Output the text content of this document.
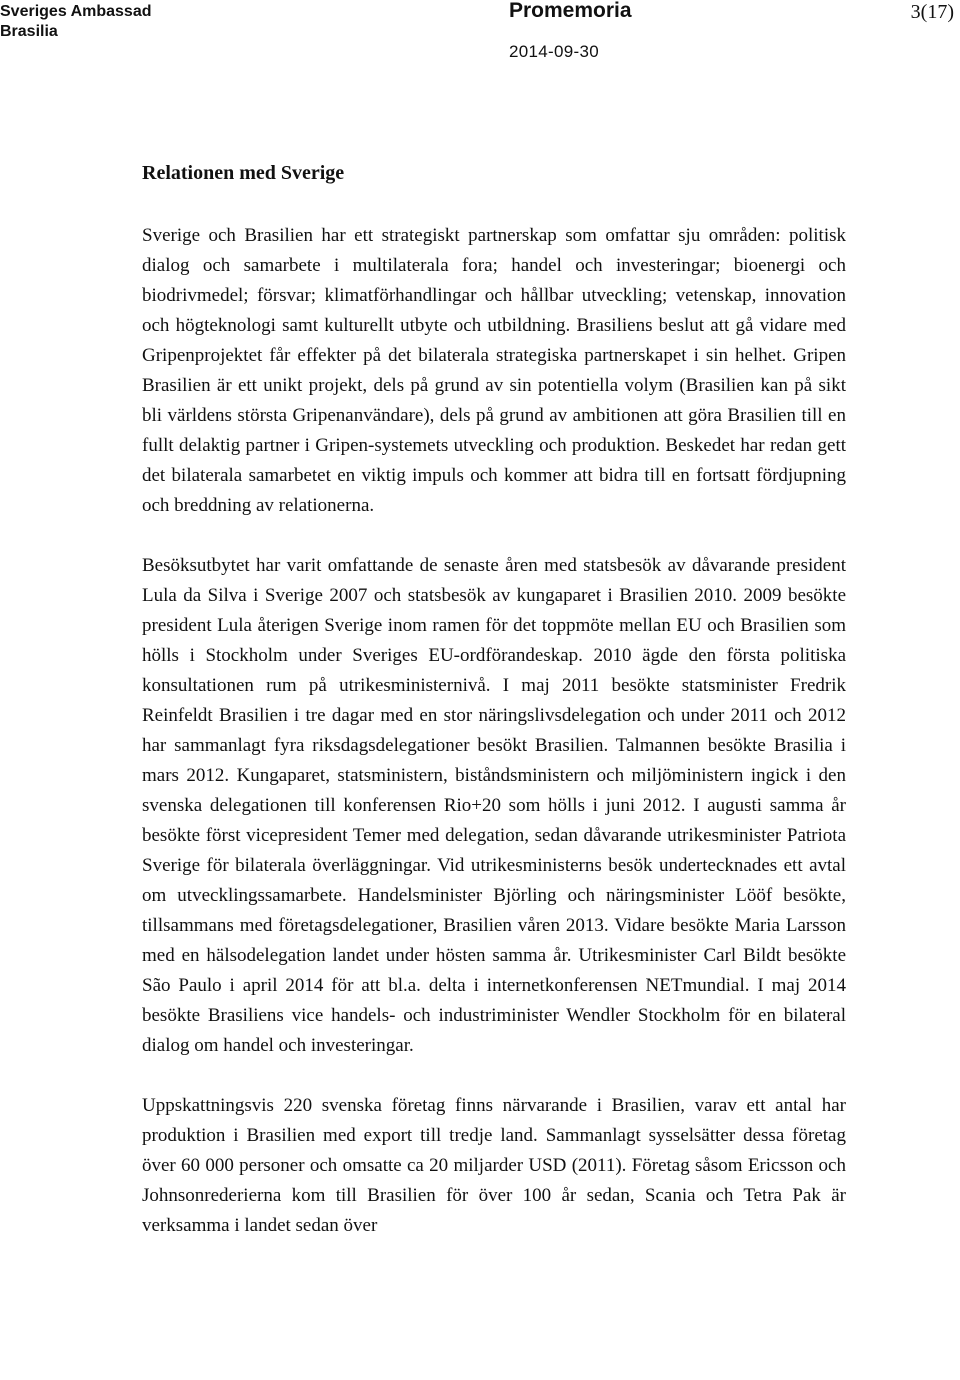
Sveriges Ambassad
Brasilia
Promemoria
2014-09-30
3(17)
Relationen med Sverige

Sverige och Brasilien har ett strategiskt partnerskap som omfattar sju områden: politisk dialog och samarbete i multilaterala fora; handel och investeringar; bioenergi och biodrivmedel; försvar; klimatförhandlingar och hållbar utveckling; vetenskap, innovation och högteknologi samt kulturellt utbyte och utbildning. Brasiliens beslut att gå vidare med Gripenprojektet får effekter på det bilaterala strategiska partnerskapet i sin helhet. Gripen Brasilien är ett unikt projekt, dels på grund av sin potentiella volym (Brasilien kan på sikt bli världens största Gripenanvändare), dels på grund av ambitionen att göra Brasilien till en fullt delaktig partner i Gripen-systemets utveckling och produktion. Beskedet har redan gett det bilaterala samarbetet en viktig impuls och kommer att bidra till en fortsatt fördjupning och breddning av relationerna.

Besöksutbytet har varit omfattande de senaste åren med statsbesök av dåvarande president Lula da Silva i Sverige 2007 och statsbesök av kungaparet i Brasilien 2010. 2009 besökte president Lula återigen Sverige inom ramen för det toppmöte mellan EU och Brasilien som hölls i Stockholm under Sveriges EU-ordförandeskap. 2010 ägde den första politiska konsultationen rum på utrikesministernivå. I maj 2011 besökte statsminister Fredrik Reinfeldt Brasilien i tre dagar med en stor näringslivsdelegation och under 2011 och 2012 har sammanlagt fyra riksdagsdelegationer besökt Brasilien. Talmannen besökte Brasilia i mars 2012. Kungaparet, statsministern, biståndsministern och miljöministern ingick i den svenska delegationen till konferensen Rio+20 som hölls i juni 2012. I augusti samma år besökte först vicepresident Temer med delegation, sedan dåvarande utrikesminister Patriota Sverige för bilaterala överläggningar. Vid utrikesministerns besök undertecknades ett avtal om utvecklingssamarbete. Handelsminister Björling och näringsminister Lööf besökte, tillsammans med företagsdelegationer, Brasilien våren 2013. Vidare besökte Maria Larsson med en hälsodelegation landet under hösten samma år. Utrikesminister Carl Bildt besökte São Paulo i april 2014 för att bl.a. delta i internetkonferensen NETmundial. I maj 2014 besökte Brasiliens vice handels- och industriminister Wendler Stockholm för en bilateral dialog om handel och investeringar.

Uppskattningsvis 220 svenska företag finns närvarande i Brasilien, varav ett antal har produktion i Brasilien med export till tredje land. Sammanlagt sysselsätter dessa företag över 60 000 personer och omsatte ca 20 miljarder USD (2011). Företag såsom Ericsson och Johnsonrederierna kom till Brasilien för över 100 år sedan, Scania och Tetra Pak är verksamma i landet sedan över
